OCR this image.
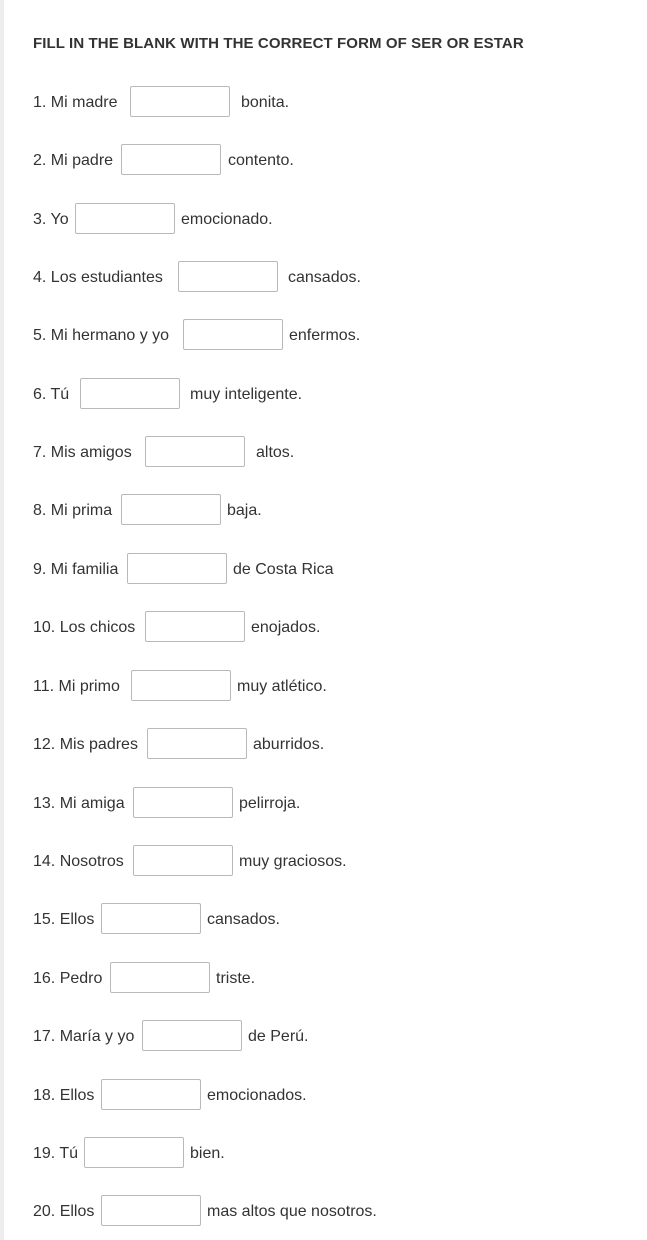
FILL IN THE BLANK WITH THE CORRECT FORM OF SER OR ESTAR
1. Mi madre	bonita.
2. Mi padre	contento.
3. Yo	emocionado.
4. Los estudiantes	cansados.
5. Mi hermano y yo	enfermos.
6. Tú	muy inteligente.
7. Mis amigos	altos.
8. Mi prima	baja.
9. Mi familia	de Costa Rica
10. Los chicos	enojados.
11. Mi primo	muy atlético.
12. Mis padres	aburridos.
13. Mi amiga	pelirroja.
14. Nosotros	muy graciosos.
15. Ellos	cansados.
16. Pedro	triste.
17. María y yo	de Perú.
18. Ellos	emocionados.
19. Tú	bien.
20. Ellos	mas altos que nosotros.
